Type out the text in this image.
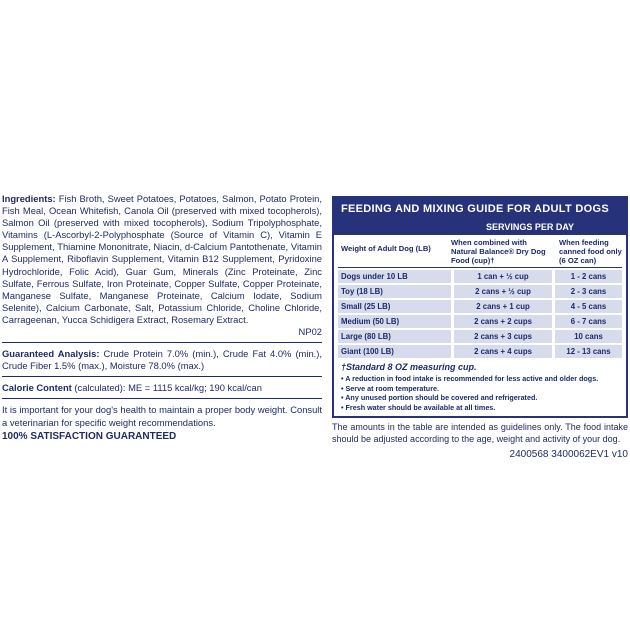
Ingredients: Fish Broth, Sweet Potatoes, Potatoes, Salmon, Potato Protein, Fish Meal, Ocean Whitefish, Canola Oil (preserved with mixed tocopherols), Salmon Oil (preserved with mixed tocopherols), Sodium Tripolyphosphate, Vitamins (L-Ascorbyl-2-Polyphosphate (Source of Vitamin C), Vitamin E Supplement, Thiamine Mononitrate, Niacin, d-Calcium Pantothenate, Vitamin A Supplement, Riboflavin Supplement, Vitamin B12 Supplement, Pyridoxine Hydrochloride, Folic Acid), Guar Gum, Minerals (Zinc Proteinate, Zinc Sulfate, Ferrous Sulfate, Iron Proteinate, Copper Sulfate, Copper Proteinate, Manganese Sulfate, Manganese Proteinate, Calcium Iodate, Sodium Selenite), Calcium Carbonate, Salt, Potassium Chloride, Choline Chloride, Carrageenan, Yucca Schidigera Extract, Rosemary Extract.

NP02

Guaranteed Analysis: Crude Protein 7.0% (min.), Crude Fat 4.0% (min.), Crude Fiber 1.5% (max.), Moisture 78.0% (max.)

Calorie Content (calculated): ME = 1115 kcal/kg; 190 kcal/can

It is important for your dog's health to maintain a proper body weight. Consult a veterinarian for specific weight recommendations.

100% SATISFACTION GUARANTEED
FEEDING AND MIXING GUIDE FOR ADULT DOGS
SERVINGS PER DAY
Weight of Adult Dog (LB)
When combined with Natural Balance® Dry Dog Food (cup)†
When feeding canned food only (6 OZ can)
Dogs under 10 LB	1 can + ½ cup	1 - 2 cans
Toy (18 LB)	2 cans + ½ cup	2 - 3 cans
Small (25 LB)	2 cans + 1 cup	4 - 5 cans
Medium (50 LB)	2 cans + 2 cups	6 - 7 cans
Large (80 LB)	2 cans + 3 cups	10 cans
Giant (100 LB)	2 cans + 4 cups	12 - 13 cans
†Standard 8 OZ measuring cup.
• A reduction in food intake is recommended for less active and older dogs.
• Serve at room temperature.
• Any unused portion should be covered and refrigerated.
• Fresh water should be available at all times.
The amounts in the table are intended as guidelines only. The food intake should be adjusted according to the age, weight and activity of your dog.
2400568 3400062EV1 v10
